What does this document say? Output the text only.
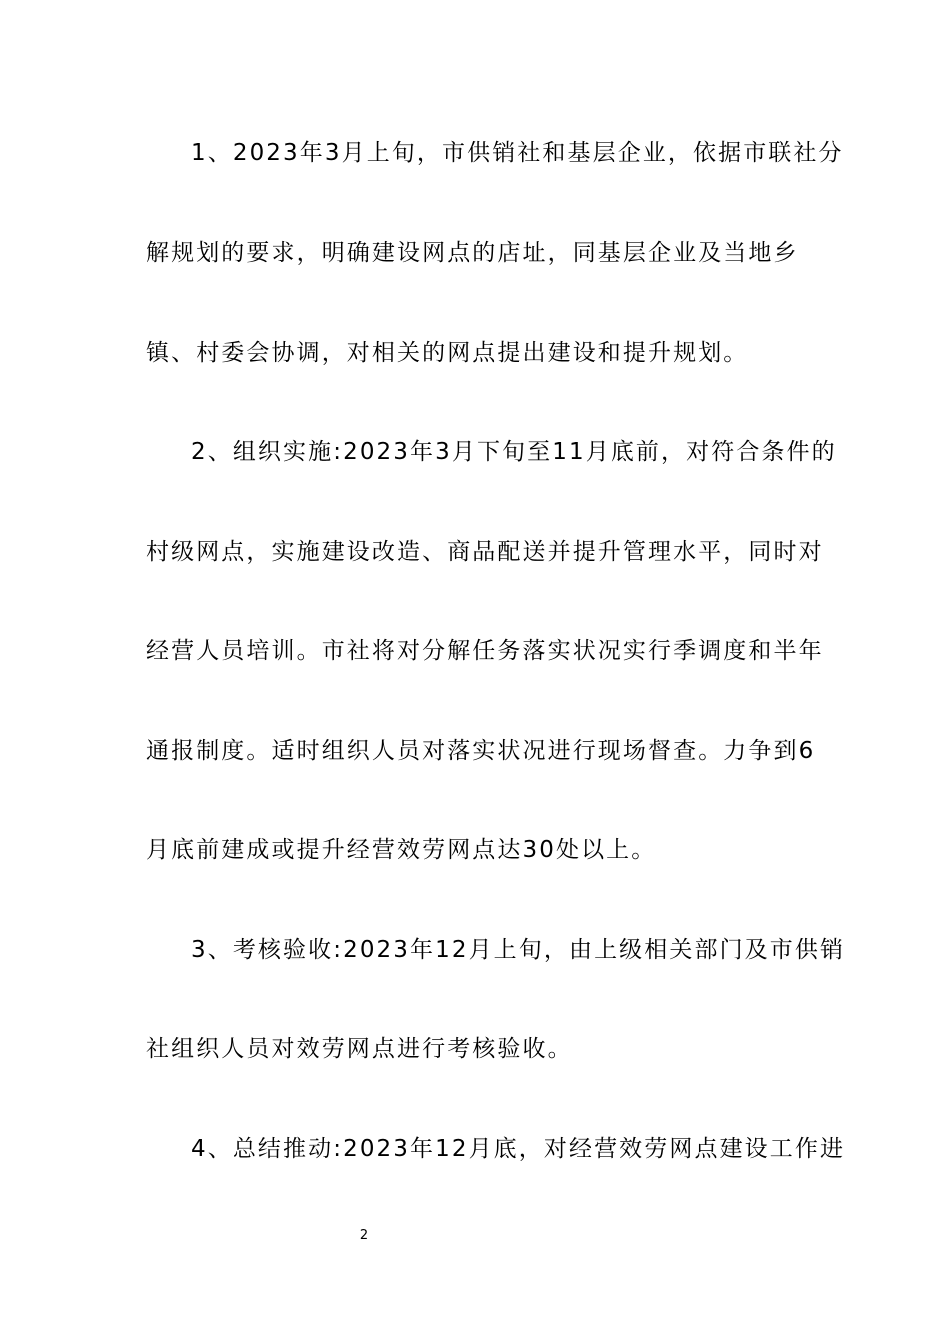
1、2023年3月上旬，市供销社和基层企业，依据市联社分
解规划的要求，明确建设网点的店址，同基层企业及当地乡
镇、村委会协调，对相关的网点提出建设和提升规划。
2、组织实施:2023年3月下旬至11月底前，对符合条件的
村级网点，实施建设改造、商品配送并提升管理水平，同时对
经营人员培训。市社将对分解任务落实状况实行季调度和半年
通报制度。适时组织人员对落实状况进行现场督查。力争到6
月底前建成或提升经营效劳网点达30处以上。
3、考核验收:2023年12月上旬，由上级相关部门及市供销
社组织人员对效劳网点进行考核验收。
4、总结推动:2023年12月底，对经营效劳网点建设工作进
2
